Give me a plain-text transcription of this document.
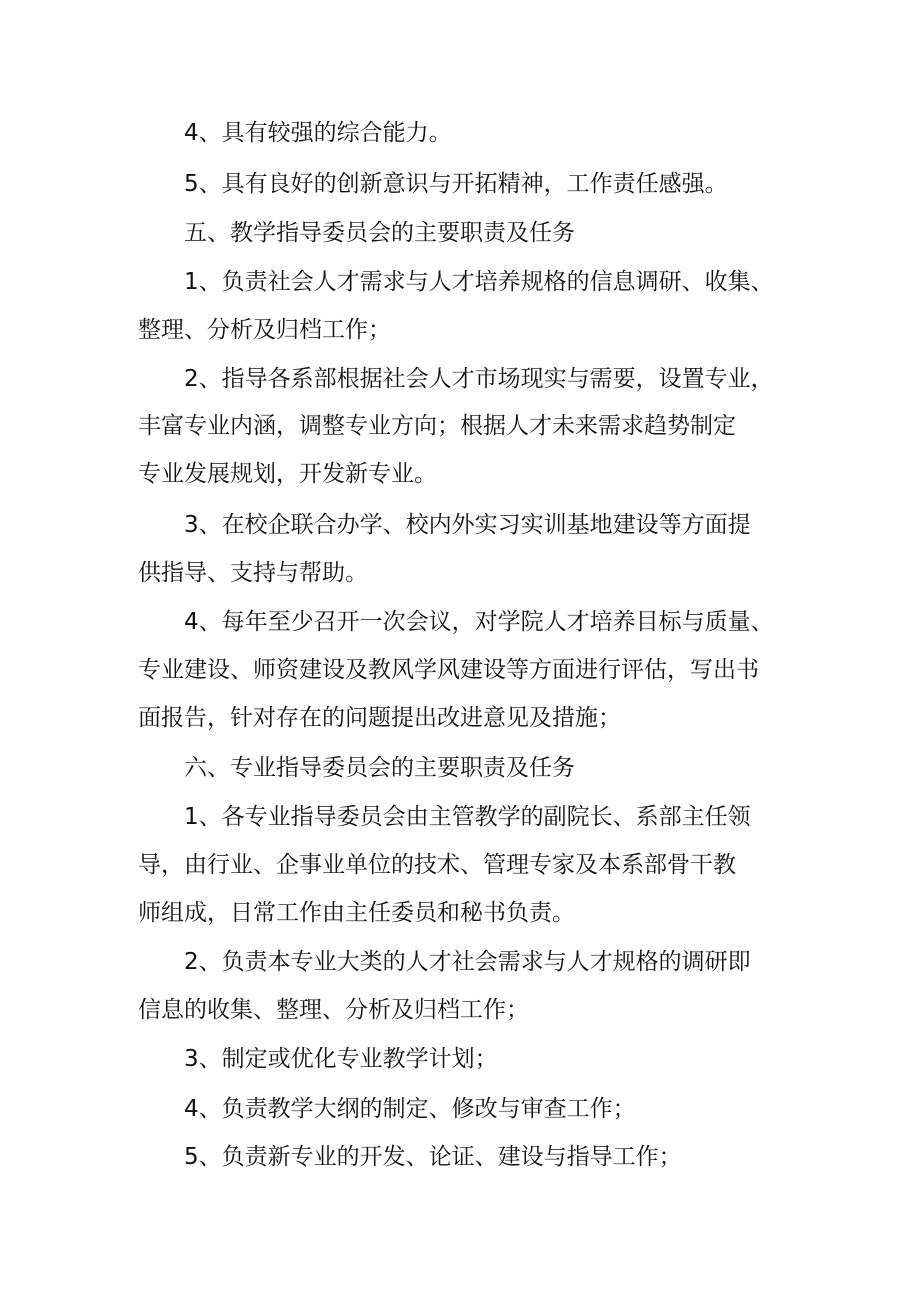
4、具有较强的综合能力。
5、具有良好的创新意识与开拓精神，工作责任感强。
五、教学指导委员会的主要职责及任务
1、负责社会人才需求与人才培养规格的信息调研、收集、
整理、分析及归档工作；
2、指导各系部根据社会人才市场现实与需要，设置专业，
丰富专业内涵，调整专业方向；根据人才未来需求趋势制定
专业发展规划，开发新专业。
3、在校企联合办学、校内外实习实训基地建设等方面提
供指导、支持与帮助。
4、每年至少召开一次会议，对学院人才培养目标与质量、
专业建设、师资建设及教风学风建设等方面进行评估，写出书
面报告，针对存在的问题提出改进意见及措施；
六、专业指导委员会的主要职责及任务
1、各专业指导委员会由主管教学的副院长、系部主任领
导，由行业、企事业单位的技术、管理专家及本系部骨干教
师组成，日常工作由主任委员和秘书负责。
2、负责本专业大类的人才社会需求与人才规格的调研即
信息的收集、整理、分析及归档工作；
3、制定或优化专业教学计划；
4、负责教学大纲的制定、修改与审查工作；
5、负责新专业的开发、论证、建设与指导工作；
